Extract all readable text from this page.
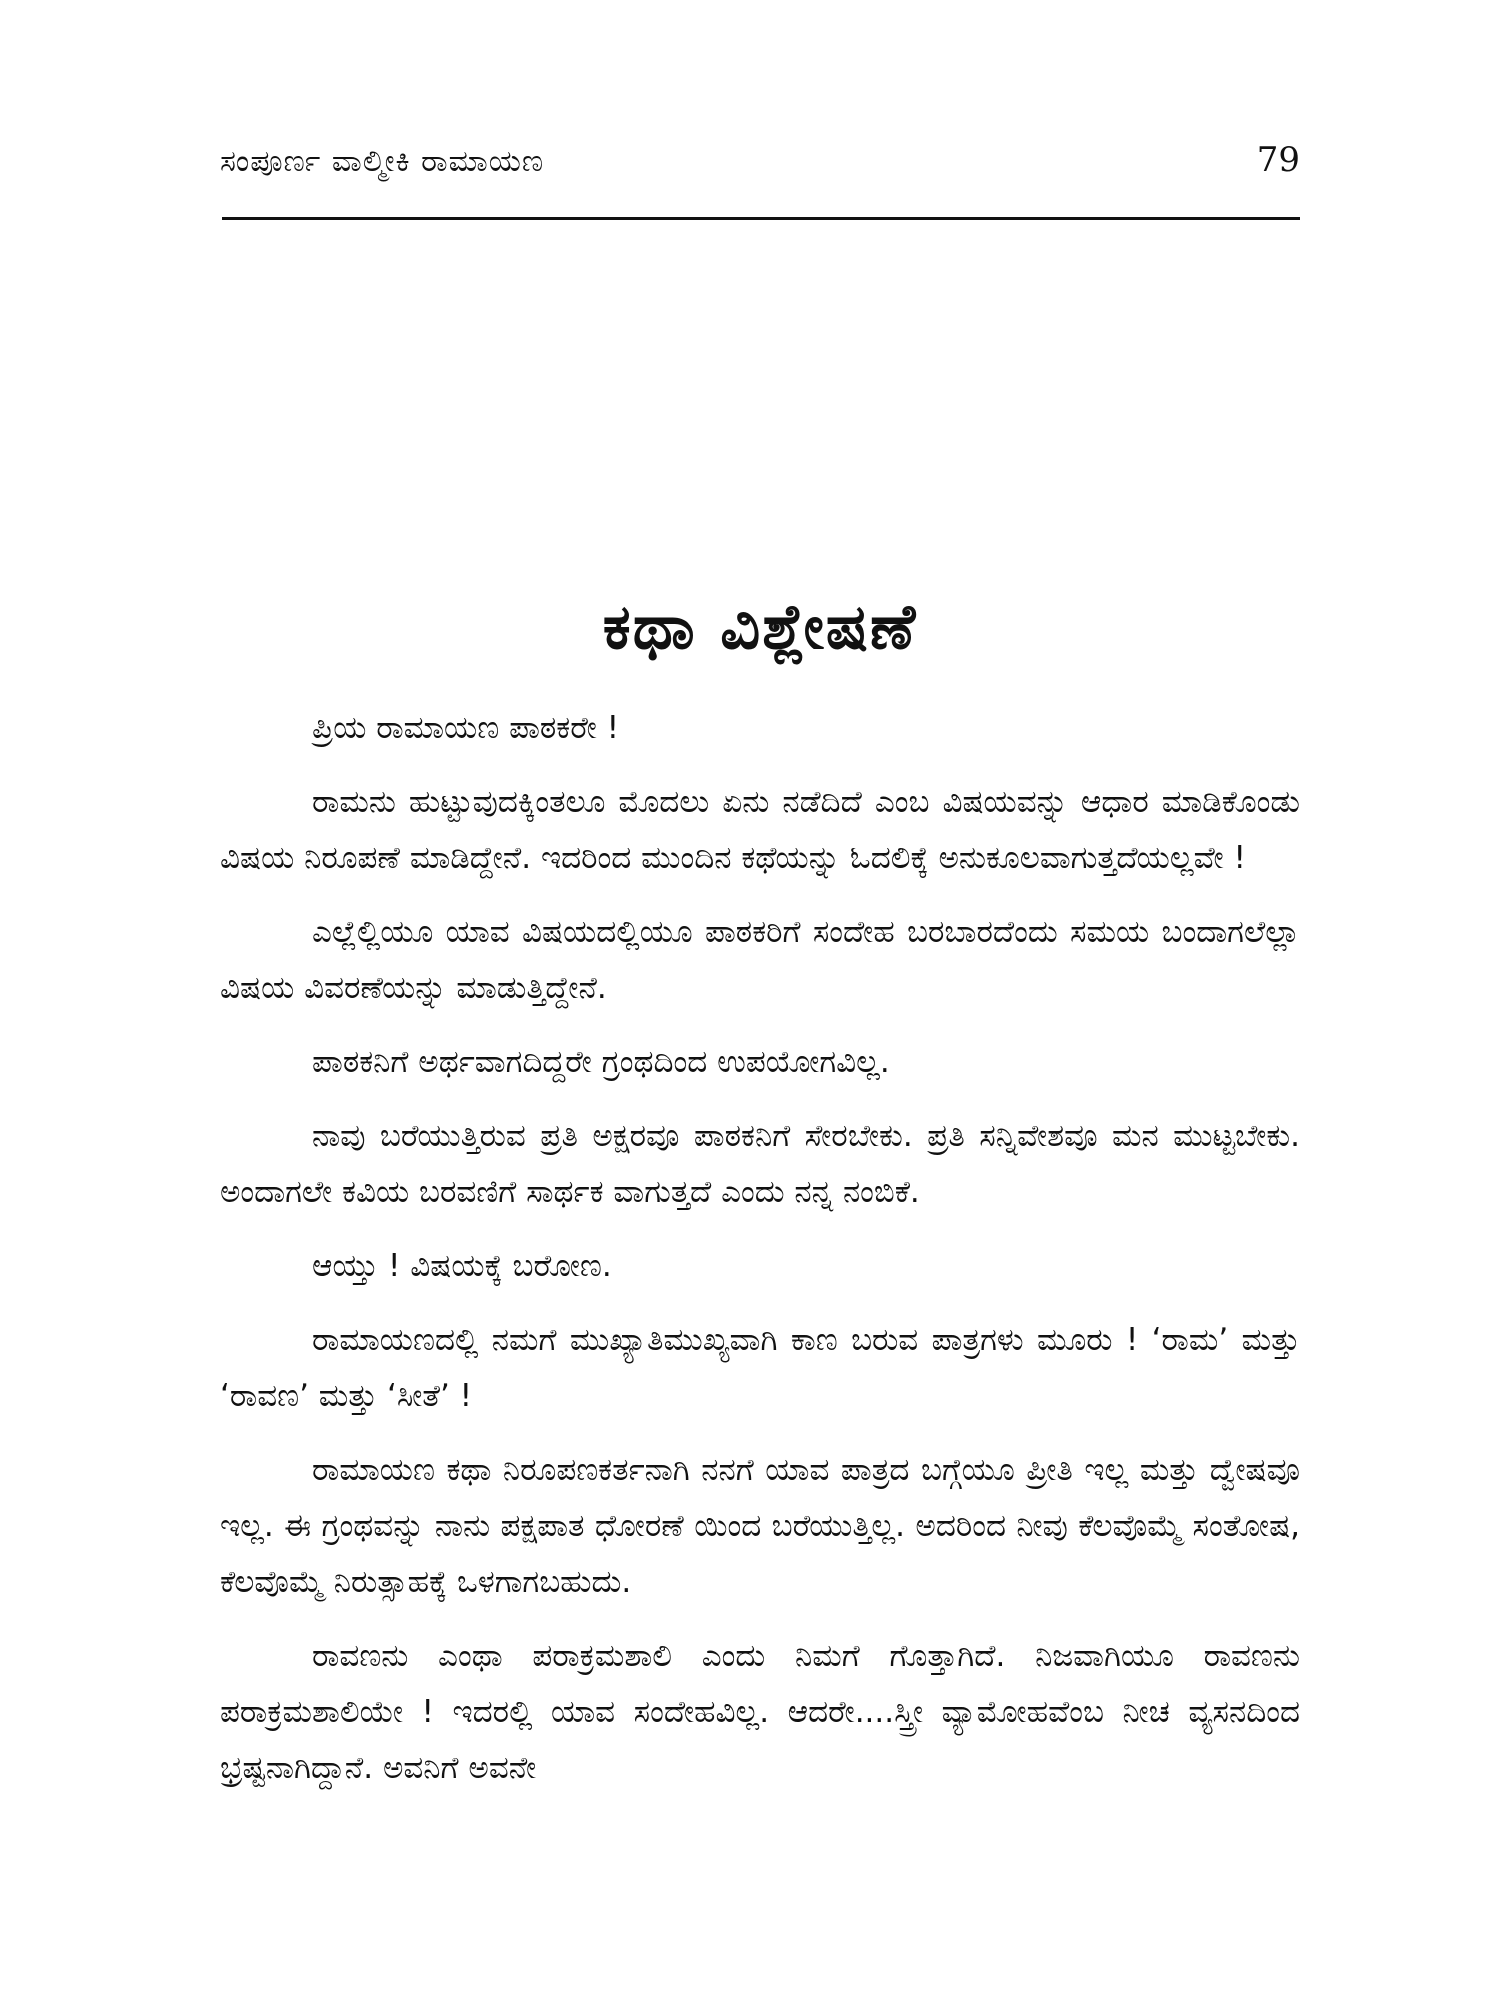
ಸಂಪೂರ್ಣ ವಾಲ್ಮೀಕಿ ರಾಮಾಯಣ	79
ಕಥಾ ವಿಶ್ಲೇಷಣೆ

ಪ್ರಿಯ ರಾಮಾಯಣ ಪಾಠಕರೇ !

ರಾಮನು ಹುಟ್ಟುವುದಕ್ಕಿಂತಲೂ ಮೊದಲು ಏನು ನಡೆದಿದೆ ಎಂಬ ವಿಷಯವನ್ನು ಆಧಾರ ಮಾಡಿಕೊಂಡು ವಿಷಯ ನಿರೂಪಣೆ ಮಾಡಿದ್ದೇನೆ. ಇದರಿಂದ ಮುಂದಿನ ಕಥೆಯನ್ನು ಓದಲಿಕ್ಕೆ ಅನುಕೂಲವಾಗುತ್ತದೆಯಲ್ಲವೇ !

ಎಲ್ಲೆಲ್ಲಿಯೂ ಯಾವ ವಿಷಯದಲ್ಲಿಯೂ ಪಾಠಕರಿಗೆ ಸಂದೇಹ ಬರಬಾರದೆಂದು ಸಮಯ ಬಂದಾಗಲೆಲ್ಲಾ ವಿಷಯ ವಿವರಣೆಯನ್ನು ಮಾಡುತ್ತಿದ್ದೇನೆ.

ಪಾಠಕನಿಗೆ ಅರ್ಥವಾಗದಿದ್ದರೇ ಗ್ರಂಥದಿಂದ ಉಪಯೋಗವಿಲ್ಲ.

ನಾವು ಬರೆಯುತ್ತಿರುವ ಪ್ರತಿ ಅಕ್ಷರವೂ ಪಾಠಕನಿಗೆ ಸೇರಬೇಕು. ಪ್ರತಿ ಸನ್ನಿವೇಶವೂ ಮನ ಮುಟ್ಟಬೇಕು. ಅಂದಾಗಲೇ ಕವಿಯ ಬರವಣಿಗೆ ಸಾರ್ಥಕ ವಾಗುತ್ತದೆ ಎಂದು ನನ್ನ ನಂಬಿಕೆ.

ಆಯ್ತು ! ವಿಷಯಕ್ಕೆ ಬರೋಣ.

ರಾಮಾಯಣದಲ್ಲಿ ನಮಗೆ ಮುಖ್ಯಾತಿಮುಖ್ಯವಾಗಿ ಕಾಣ ಬರುವ ಪಾತ್ರಗಳು ಮೂರು ! ‘ರಾಮ’ ಮತ್ತು ‘ರಾವಣ’ ಮತ್ತು ‘ಸೀತೆ’ !

ರಾಮಾಯಣ ಕಥಾ ನಿರೂಪಣಕರ್ತನಾಗಿ ನನಗೆ ಯಾವ ಪಾತ್ರದ ಬಗ್ಗೆಯೂ ಪ್ರೀತಿ ಇಲ್ಲ ಮತ್ತು ದ್ವೇಷವೂ ಇಲ್ಲ. ಈ ಗ್ರಂಥವನ್ನು ನಾನು ಪಕ್ಷಪಾತ ಧೋರಣೆ ಯಿಂದ ಬರೆಯುತ್ತಿಲ್ಲ. ಅದರಿಂದ ನೀವು ಕೆಲವೊಮ್ಮೆ ಸಂತೋಷ, ಕೆಲವೊಮ್ಮೆ ನಿರುತ್ಸಾಹಕ್ಕೆ ಒಳಗಾಗಬಹುದು.

ರಾವಣನು ಎಂಥಾ ಪರಾಕ್ರಮಶಾಲಿ ಎಂದು ನಿಮಗೆ ಗೊತ್ತಾಗಿದೆ. ನಿಜವಾಗಿಯೂ ರಾವಣನು ಪರಾಕ್ರಮಶಾಲಿಯೇ ! ಇದರಲ್ಲಿ ಯಾವ ಸಂದೇಹವಿಲ್ಲ. ಆದರೇ....ಸ್ತ್ರೀ ವ್ಯಾಮೋಹವೆಂಬ ನೀಚ ವ್ಯಸನದಿಂದ ಭ್ರಷ್ಟನಾಗಿದ್ದಾನೆ. ಅವನಿಗೆ ಅವನೇ
